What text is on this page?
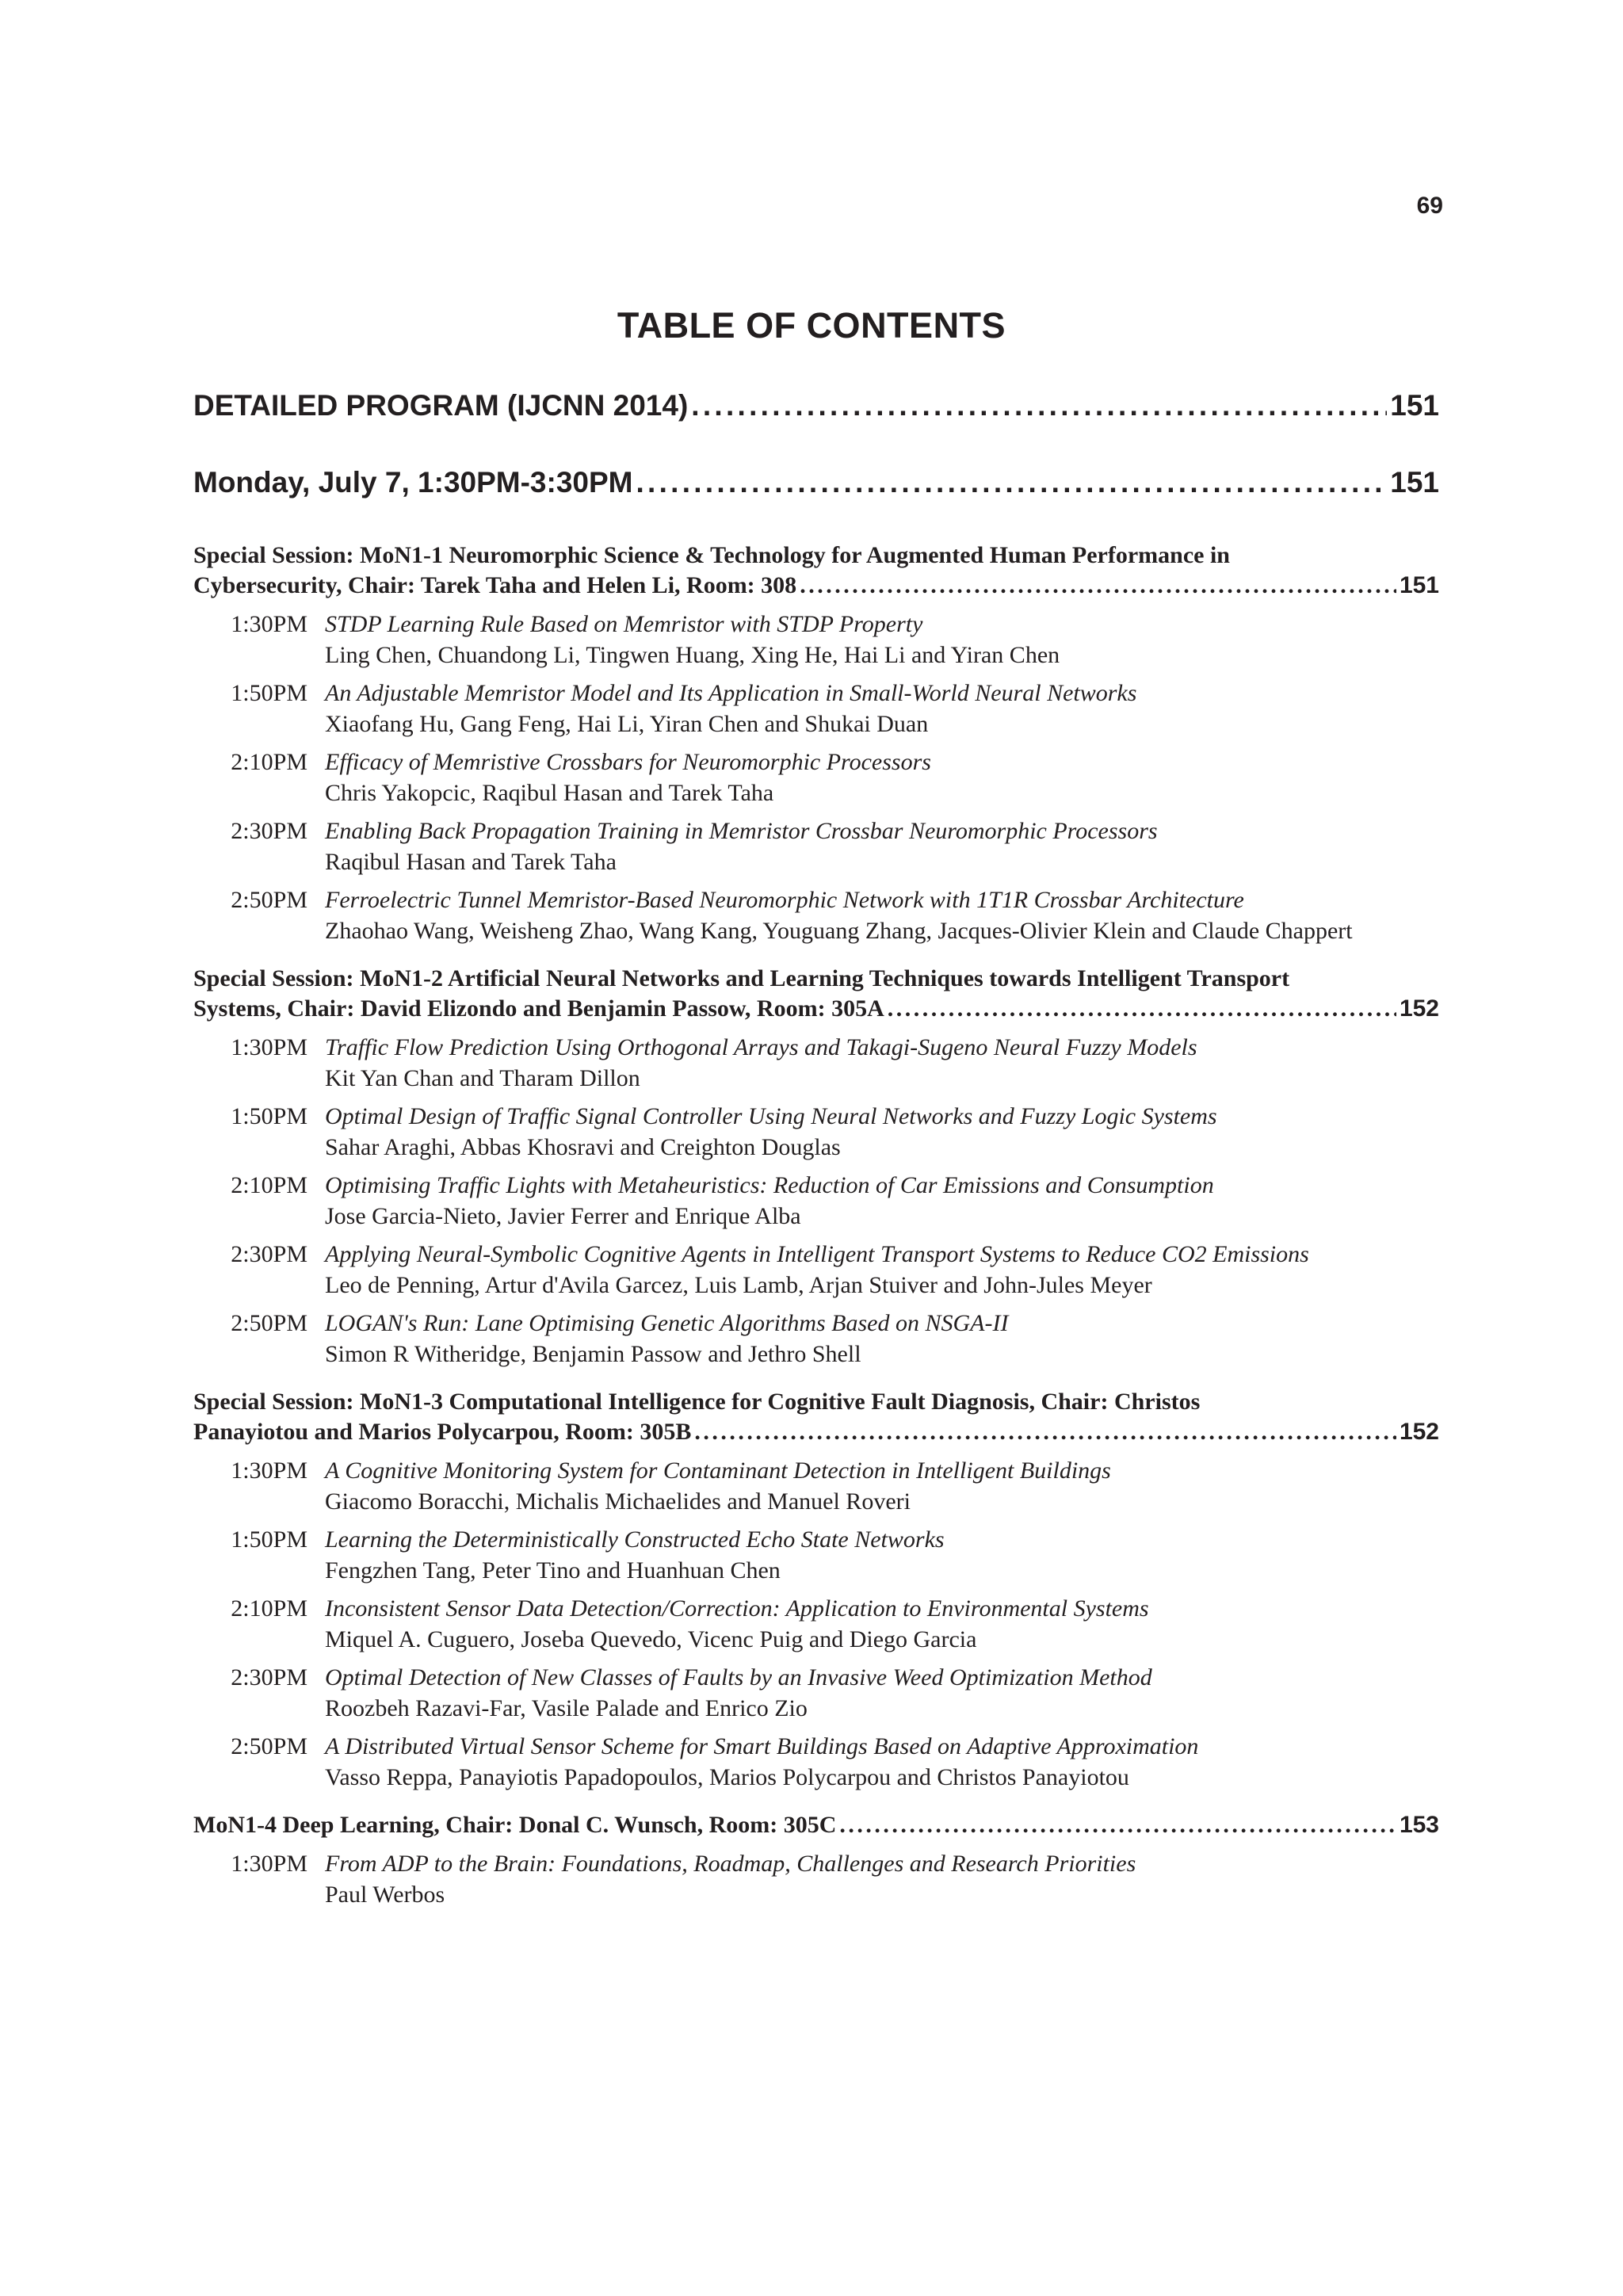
69
TABLE OF CONTENTS
DETAILED PROGRAM (IJCNN 2014) . . .	151
Monday, July 7, 1:30PM-3:30PM . . .	151
Special Session: MoN1-1 Neuromorphic Science & Technology for Augmented Human Performance in
Cybersecurity, Chair: Tarek Taha and Helen Li, Room: 308 . . .	151
1:30PM STDP Learning Rule Based on Memristor with STDP Property
Ling Chen, Chuandong Li, Tingwen Huang, Xing He, Hai Li and Yiran Chen
1:50PM An Adjustable Memristor Model and Its Application in Small-World Neural Networks
Xiaofang Hu, Gang Feng, Hai Li, Yiran Chen and Shukai Duan
2:10PM Efficacy of Memristive Crossbars for Neuromorphic Processors
Chris Yakopcic, Raqibul Hasan and Tarek Taha
2:30PM Enabling Back Propagation Training in Memristor Crossbar Neuromorphic Processors
Raqibul Hasan and Tarek Taha
2:50PM Ferroelectric Tunnel Memristor-Based Neuromorphic Network with 1T1R Crossbar Architecture
Zhaohao Wang, Weisheng Zhao, Wang Kang, Youguang Zhang, Jacques-Olivier Klein and Claude Chappert
Special Session: MoN1-2 Artificial Neural Networks and Learning Techniques towards Intelligent Transport
Systems, Chair: David Elizondo and Benjamin Passow, Room: 305A . . .	152
1:30PM Traffic Flow Prediction Using Orthogonal Arrays and Takagi-Sugeno Neural Fuzzy Models
Kit Yan Chan and Tharam Dillon
1:50PM Optimal Design of Traffic Signal Controller Using Neural Networks and Fuzzy Logic Systems
Sahar Araghi, Abbas Khosravi and Creighton Douglas
2:10PM Optimising Traffic Lights with Metaheuristics: Reduction of Car Emissions and Consumption
Jose Garcia-Nieto, Javier Ferrer and Enrique Alba
2:30PM Applying Neural-Symbolic Cognitive Agents in Intelligent Transport Systems to Reduce CO2 Emissions
Leo de Penning, Artur d'Avila Garcez, Luis Lamb, Arjan Stuiver and John-Jules Meyer
2:50PM LOGAN's Run: Lane Optimising Genetic Algorithms Based on NSGA-II
Simon R Witheridge, Benjamin Passow and Jethro Shell
Special Session: MoN1-3 Computational Intelligence for Cognitive Fault Diagnosis, Chair: Christos
Panayiotou and Marios Polycarpou, Room: 305B . . .	152
1:30PM A Cognitive Monitoring System for Contaminant Detection in Intelligent Buildings
Giacomo Boracchi, Michalis Michaelides and Manuel Roveri
1:50PM Learning the Deterministically Constructed Echo State Networks
Fengzhen Tang, Peter Tino and Huanhuan Chen
2:10PM Inconsistent Sensor Data Detection/Correction: Application to Environmental Systems
Miquel A. Cuguero, Joseba Quevedo, Vicenc Puig and Diego Garcia
2:30PM Optimal Detection of New Classes of Faults by an Invasive Weed Optimization Method
Roozbeh Razavi-Far, Vasile Palade and Enrico Zio
2:50PM A Distributed Virtual Sensor Scheme for Smart Buildings Based on Adaptive Approximation
Vasso Reppa, Panayiotis Papadopoulos, Marios Polycarpou and Christos Panayiotou
MoN1-4 Deep Learning, Chair: Donal C. Wunsch, Room: 305C . . .	153
1:30PM From ADP to the Brain: Foundations, Roadmap, Challenges and Research Priorities
Paul Werbos
